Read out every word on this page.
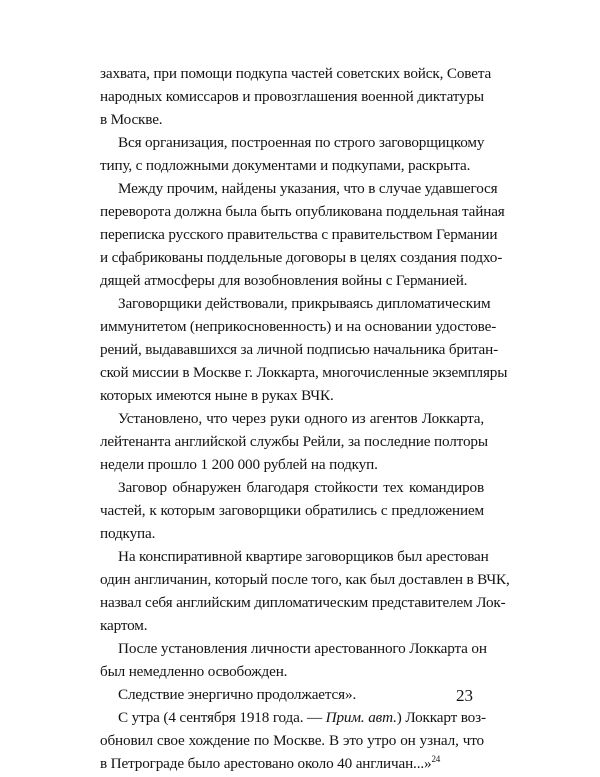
захвата, при помощи подкупа частей советских войск, Совета
народных комиссаров и провозглашения военной диктатуры
в Москве.
Вся организация, построенная по строго заговорщицкому
типу, с подложными документами и подкупами, раскрыта.
Между прочим, найдены указания, что в случае удавшегося
переворота должна была быть опубликована поддельная тайная
переписка русского правительства с правительством Германии
и сфабрикованы поддельные договоры в целях создания подхо-
дящей атмосферы для возобновления войны с Германией.
Заговорщики действовали, прикрываясь дипломатическим
иммунитетом (неприкосновенность) и на основании удостове-
рений, выдававшихся за личной подписью начальника британ-
ской миссии в Москве г. Локкарта, многочисленные экземпляры
которых имеются ныне в руках ВЧК.
Установлено, что через руки одного из агентов Локкарта,
лейтенанта английской службы Рейли, за последние полторы
недели прошло 1 200 000 рублей на подкуп.
Заговор обнаружен благодаря стойкости тех командиров
частей, к которым заговорщики обратились с предложением
подкупа.
На конспиративной квартире заговорщиков был арестован
один англичанин, который после того, как был доставлен в ВЧК,
назвал себя английским дипломатическим представителем Лок-
картом.
После установления личности арестованного Локкарта он
был немедленно освобожден.
Следствие энергично продолжается».
С утра (4 сентября 1918 года. — Прим. авт.) Локкарт воз-
обновил свое хождение по Москве. В это утро он узнал, что
в Петрограде было арестовано около 40 англичан...»$^{24}$
23
